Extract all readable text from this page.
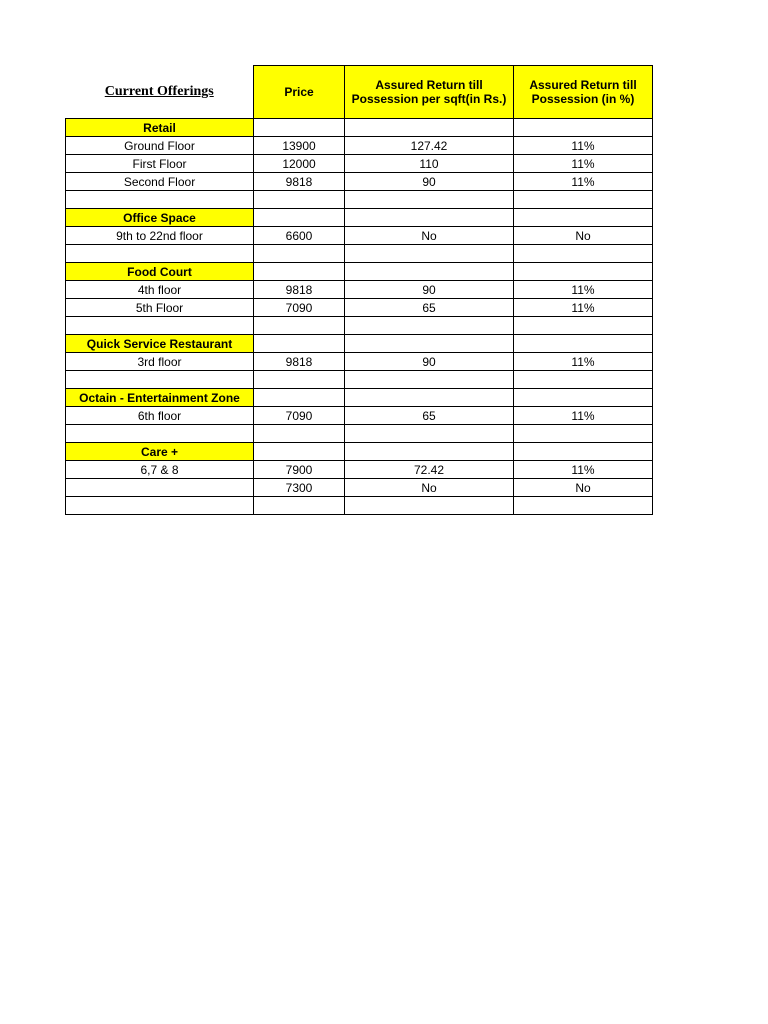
Current Offerings	Price	Assured Return till Possession per sqft(in Rs.)	Assured Return till Possession (in %)
Retail			
Ground Floor	13900	127.42	11%
First Floor	12000	110	11%
Second Floor	9818	90	11%

Office Space			
9th to 22nd floor	6600	No	No

Food Court			
4th floor	9818	90	11%
5th Floor	7090	65	11%

Quick Service Restaurant			
3rd floor	9818	90	11%

Octain - Entertainment Zone			
6th floor	7090	65	11%

Care +			
6,7 & 8	7900	72.42	11%
	7300	No	No
